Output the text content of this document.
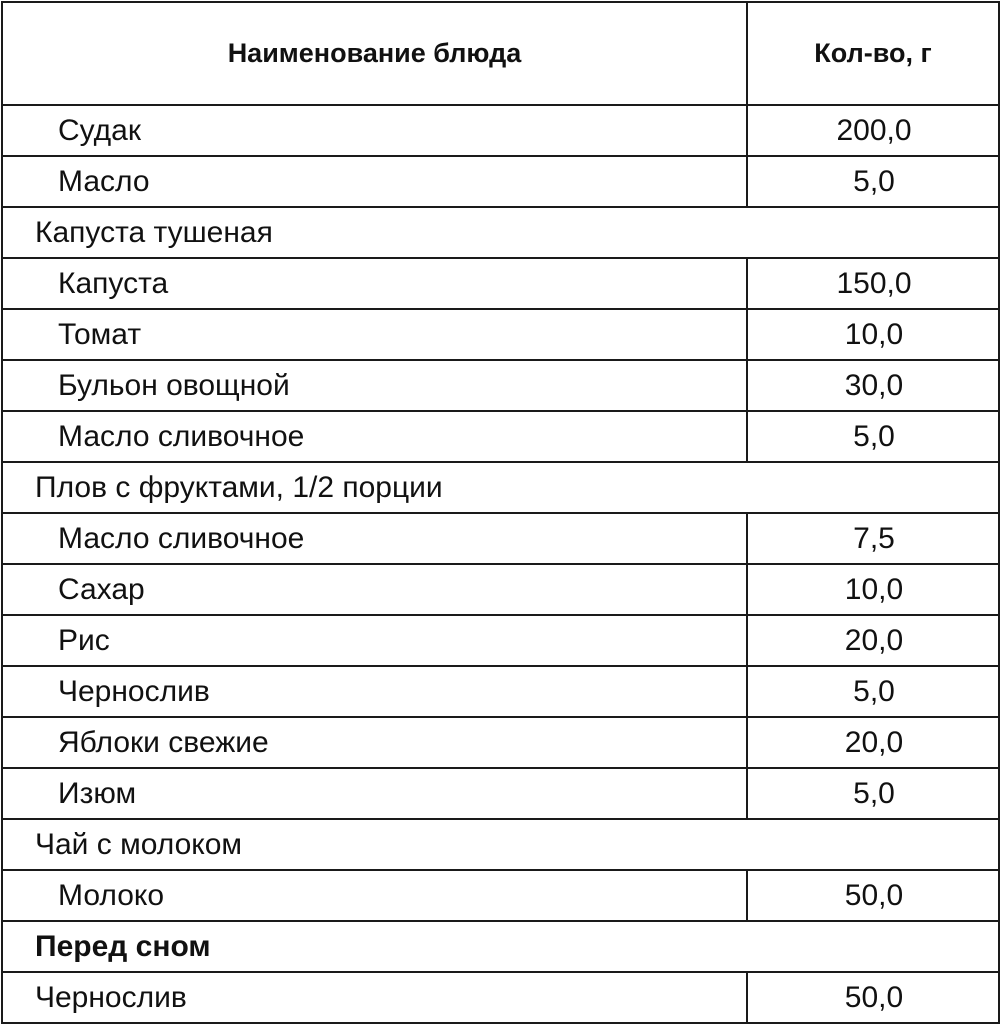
Наименование блюда	Кол-во, г
Судак	200,0
Масло	5,0
Капуста тушеная	
Капуста	150,0
Томат	10,0
Бульон овощной	30,0
Масло сливочное	5,0
Плов с фруктами, 1/2 порции	
Масло сливочное	7,5
Сахар	10,0
Рис	20,0
Чернослив	5,0
Яблоки свежие	20,0
Изюм	5,0
Чай с молоком	
Молоко	50,0
Перед сном	
Чернослив	50,0
